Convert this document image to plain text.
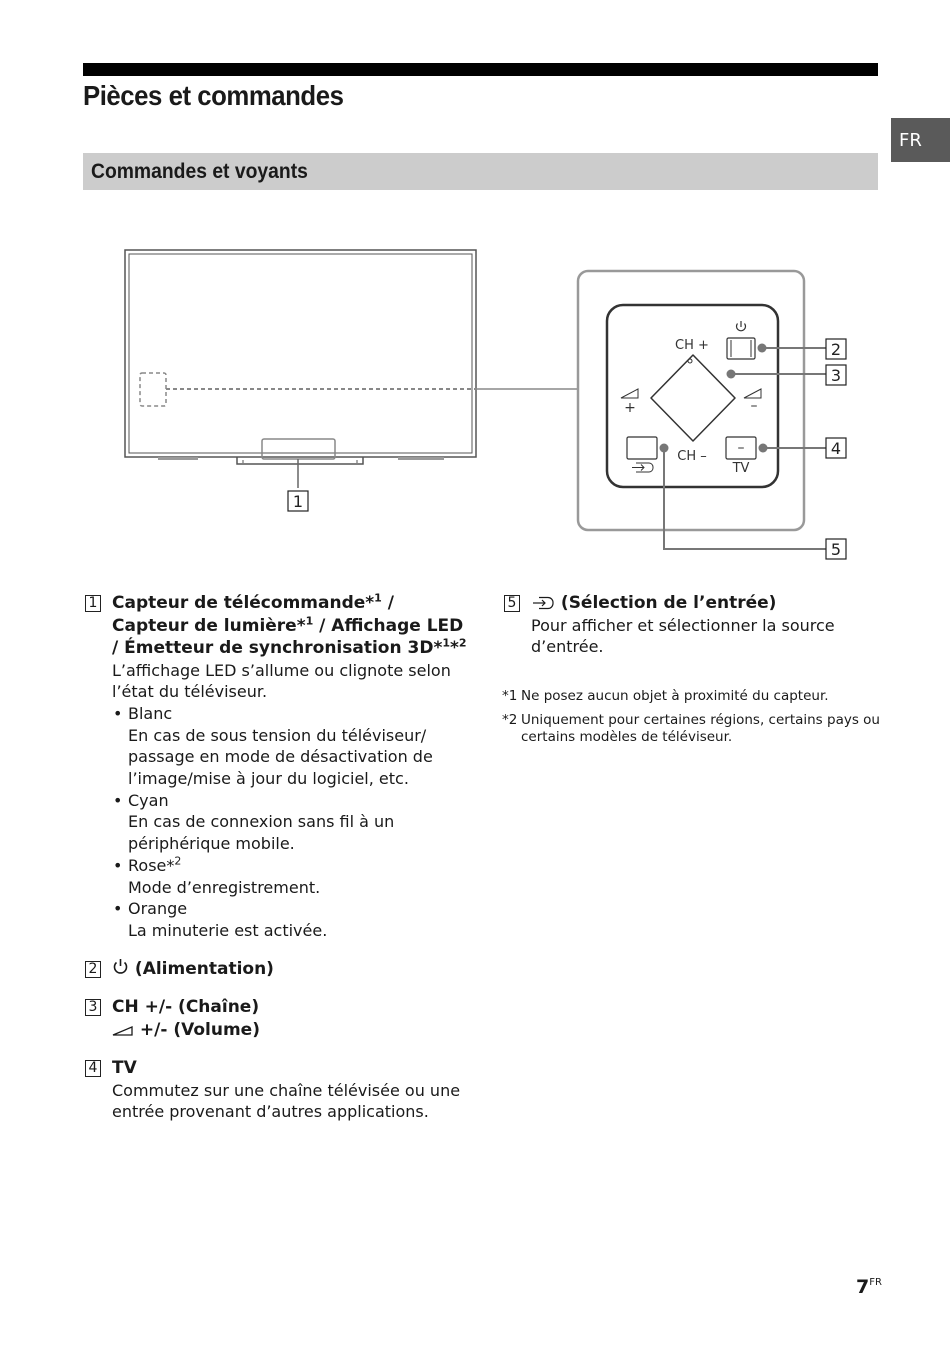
Pièces et commandes
FR
Commandes et voyants
1
CH +
CH –
+	–
–
TV
2
3
4
5
1 Capteur de télécommande*$^1$ / Capteur de lumière*$^1$ / Affichage LED / Émetteur de synchronisation 3D*$^1$*$^2$

L’affichage LED s’allume ou clignote selon l’état du téléviseur.

• Blanc
En cas de sous tension du téléviseur/ passage en mode de désactivation de l’image/mise à jour du logiciel, etc.
• Cyan
En cas de connexion sans fil à un périphérique mobile.
• Rose*$^2$
Mode d’enregistrement.
• Orange
La minuterie est activée.
2	(Alimentation)
3 CH +/- (Chaîne)
+/- (Volume)
4 TV

Commutez sur une chaîne télévisée ou une entrée provenant d’autres applications.

5	(Sélection de l’entrée)

Pour afficher et sélectionner la source d’entrée.

*1 Ne posez aucun objet à proximité du capteur.
*2 Uniquement pour certaines régions, certains pays ou certains modèles de téléviseur.
$7^{FR}$
